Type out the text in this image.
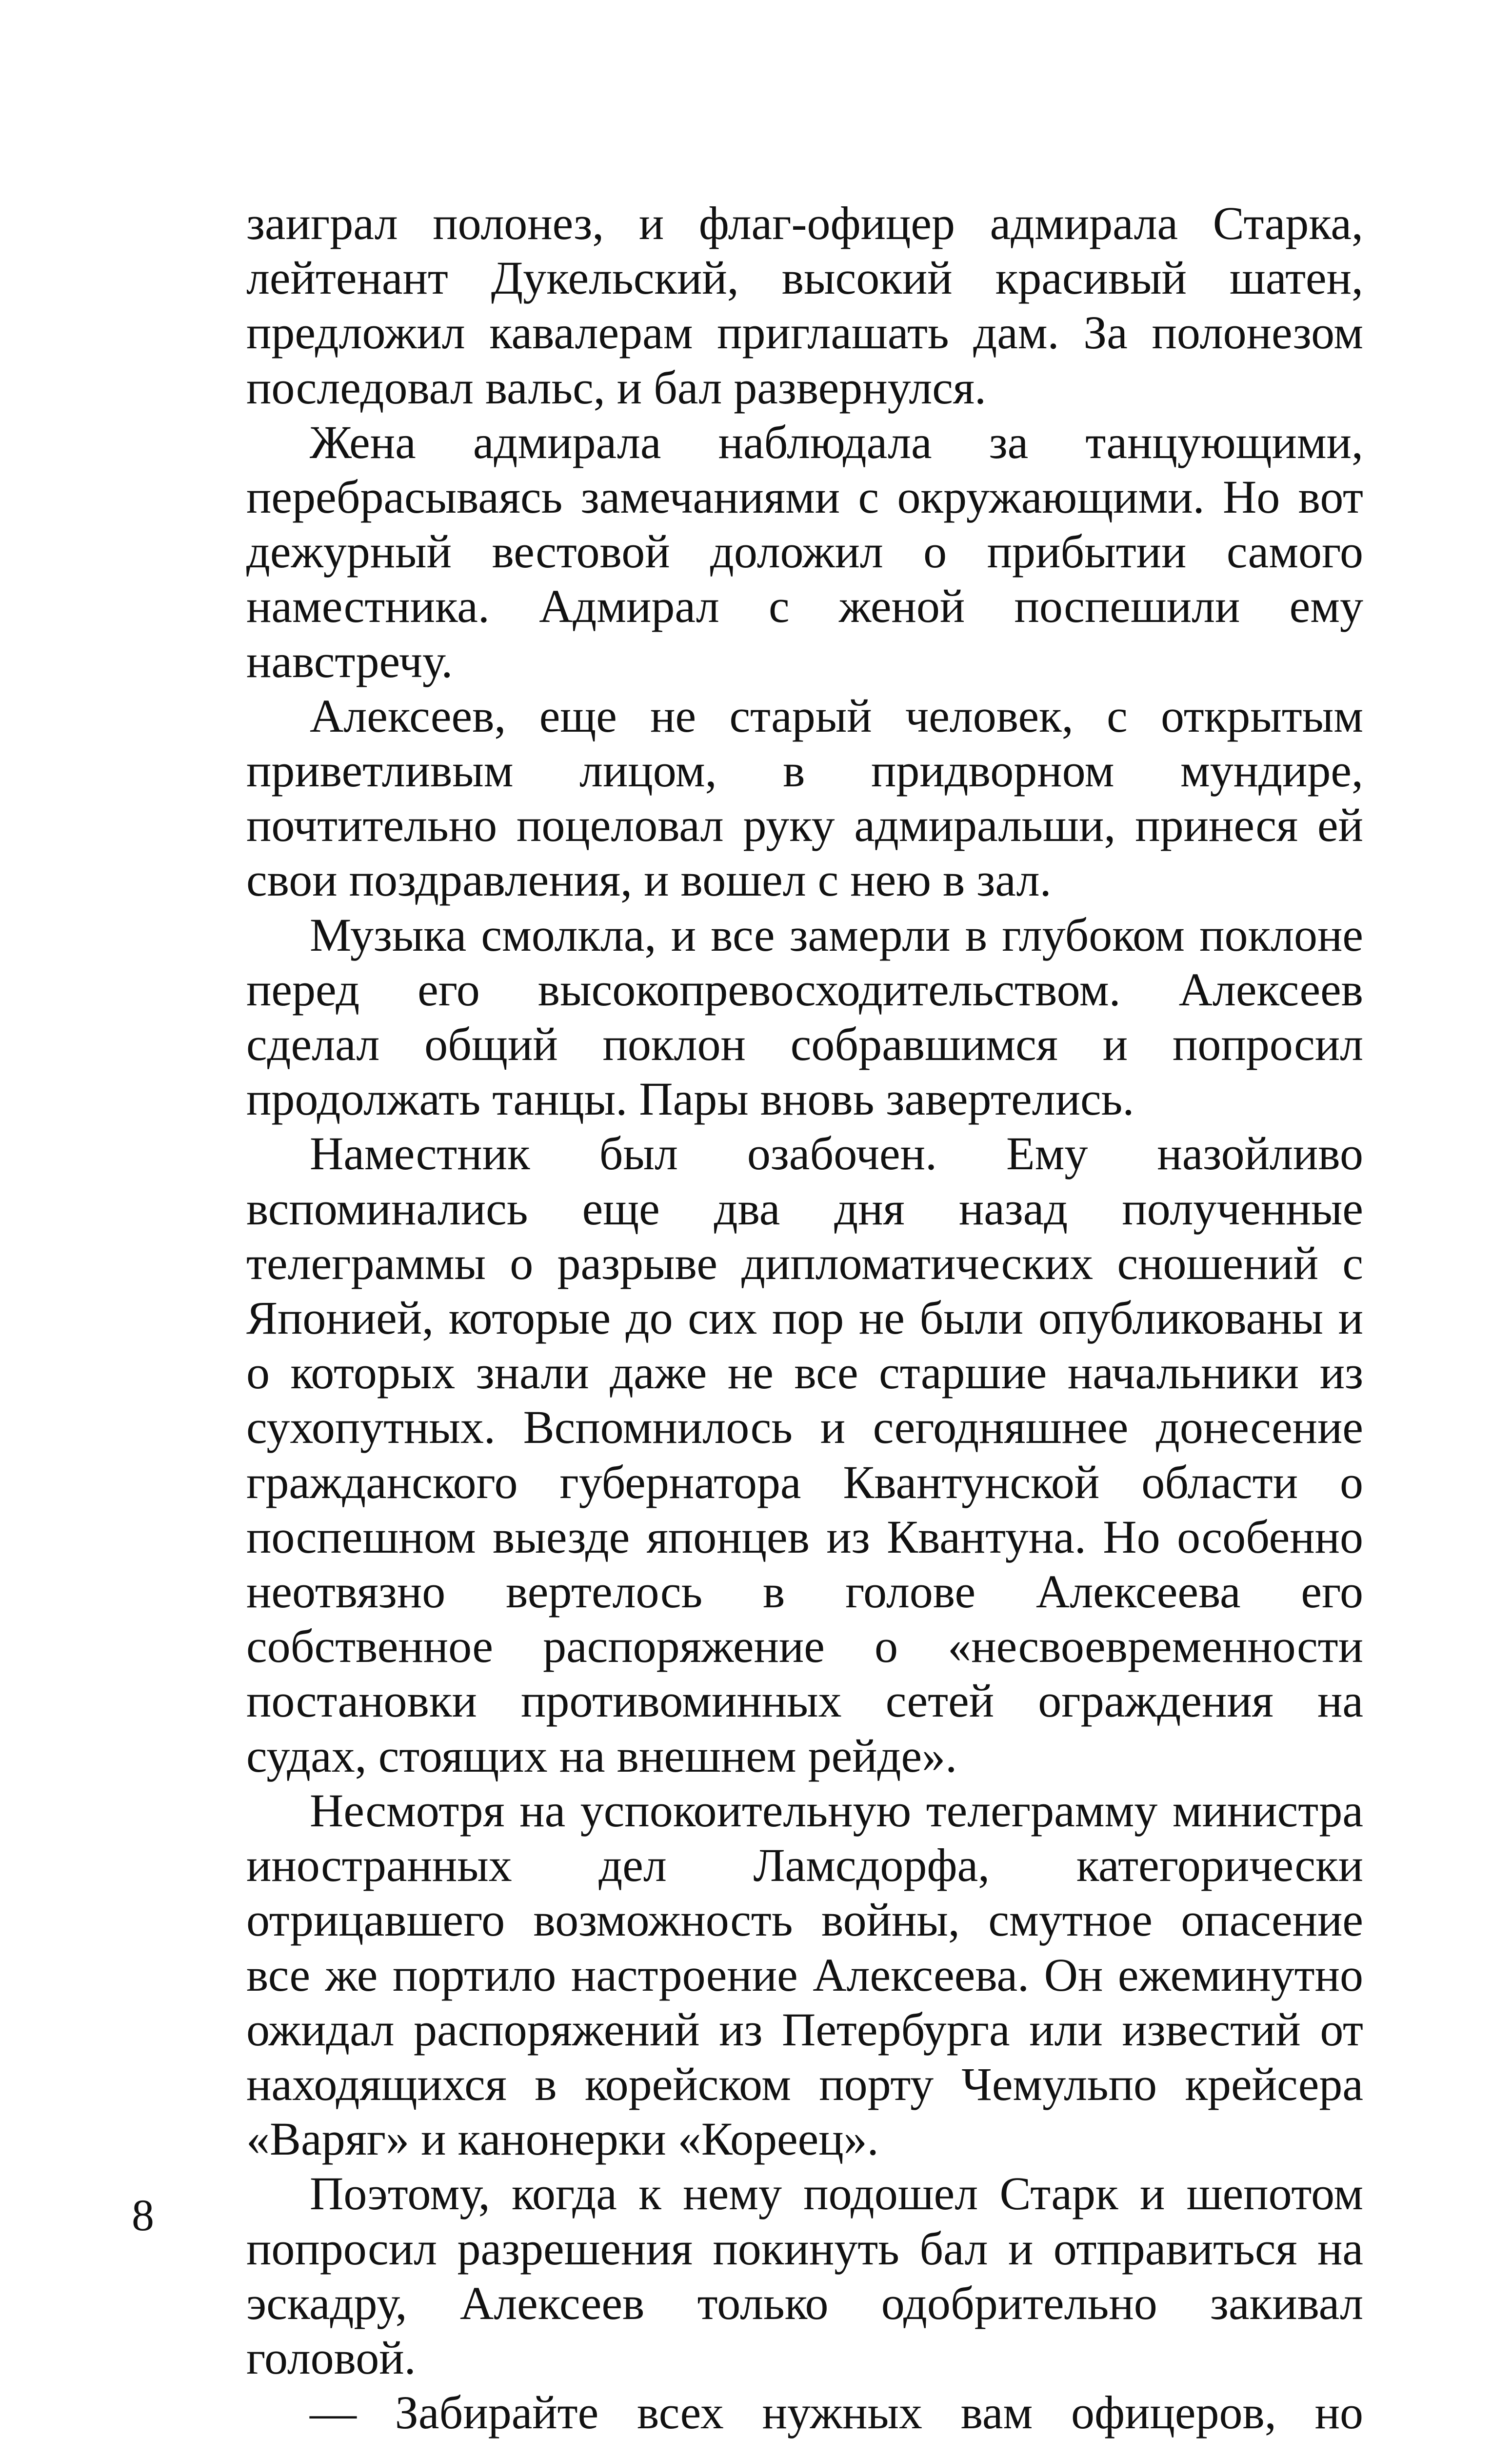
заиграл полонез, и флаг-офицер адмирала Старка, лейтенант Дукельский, высокий красивый шатен, предложил кавалерам приглашать дам. За полонезом последовал вальс, и бал развернулся.

Жена адмирала наблюдала за танцующими, перебрасываясь замечаниями с окружающими. Но вот дежурный вестовой доложил о прибытии самого наместника. Адмирал с женой поспешили ему навстречу.

Алексеев, еще не старый человек, с открытым приветливым лицом, в придворном мундире, почтительно поцеловал руку адмиральши, принеся ей свои поздравления, и вошел с нею в зал.

Музыка смолкла, и все замерли в глубоком поклоне перед его высокопревосходительством. Алексеев сделал общий поклон собравшимся и попросил продолжать танцы. Пары вновь завертелись.

Наместник был озабочен. Ему назойливо вспоминались еще два дня назад полученные телеграммы о разрыве дипломатических сношений с Японией, которые до сих пор не были опубликованы и о которых знали даже не все старшие начальники из сухопутных. Вспомнилось и сегодняшнее донесение гражданского губернатора Квантунской области о поспешном выезде японцев из Квантуна. Но особенно неотвязно вертелось в голове Алексеева его собственное распоряжение о «несвоевременности постановки противоминных сетей ограждения на судах, стоящих на внешнем рейде».

Несмотря на успокоительную телеграмму министра иностранных дел Ламсдорфа, категорически отрицавшего возможность войны, смутное опасение все же портило настроение Алексеева. Он ежеминутно ожидал распоряжений из Петербурга или известий от находящихся в корейском порту Чемульпо крейсера «Варяг» и канонерки «Кореец».

Поэтому, когда к нему подошел Старк и шепотом попросил разрешения покинуть бал и отправиться на эскадру, Алексеев только одобрительно закивал головой.

— Забирайте всех нужных вам офицеров, но

8
